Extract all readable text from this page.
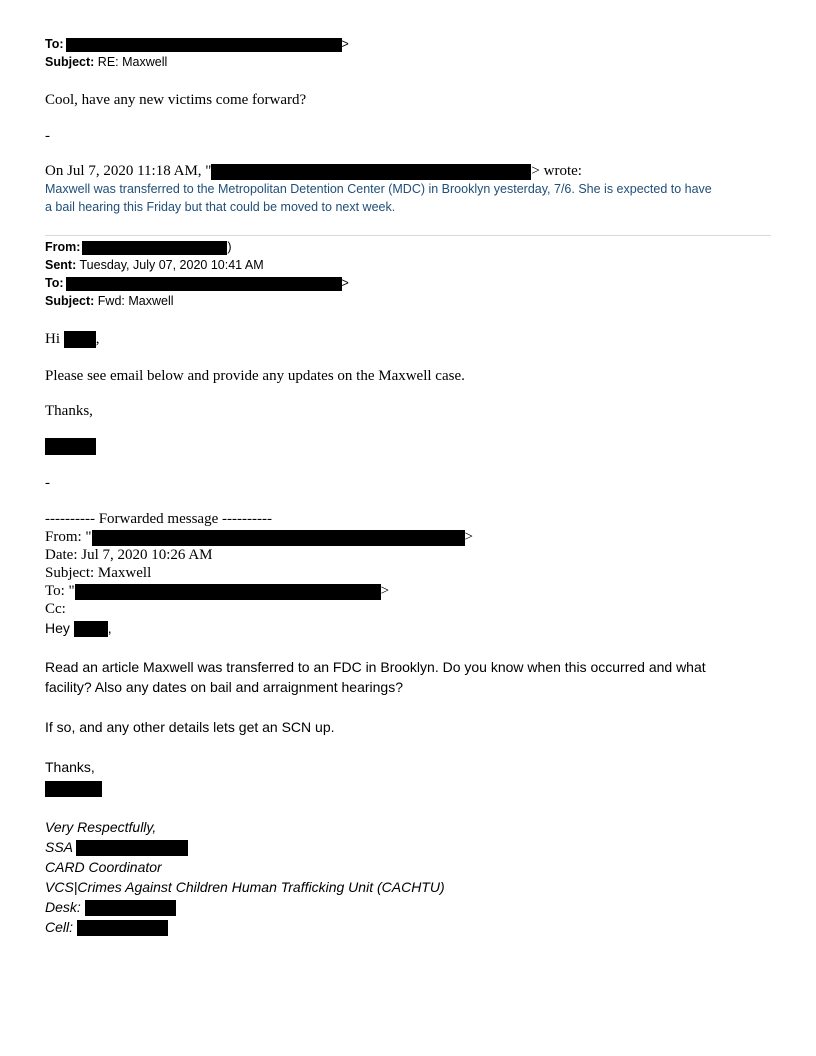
To:	>
Subject: RE: Maxwell
Cool, have any new victims come forward?
-
On Jul 7, 2020 11:18 AM, "	> wrote:
Maxwell was transferred to the Metropolitan Detention Center (MDC) in Brooklyn yesterday, 7/6. She is expected to have
a bail hearing this Friday but that could be moved to next week.
From:	)
Sent: Tuesday, July 07, 2020 10:41 AM
To:	>
Subject: Fwd: Maxwell
Hi ,
Please see email below and provide any updates on the Maxwell case.
Thanks,
-
---------- Forwarded message ----------
From: "	>
Date: Jul 7, 2020 10:26 AM
Subject: Maxwell
To: "	>
Cc:
Hey	,
Read an article Maxwell was transferred to an FDC in Brooklyn. Do you know when this occurred and what
facility? Also any dates on bail and arraignment hearings?
If so, and any other details lets get an SCN up.
Thanks,
Very Respectfully,
SSA
CARD Coordinator
VCS|Crimes Against Children Human Trafficking Unit (CACHTU)
Desk:
Cell:
